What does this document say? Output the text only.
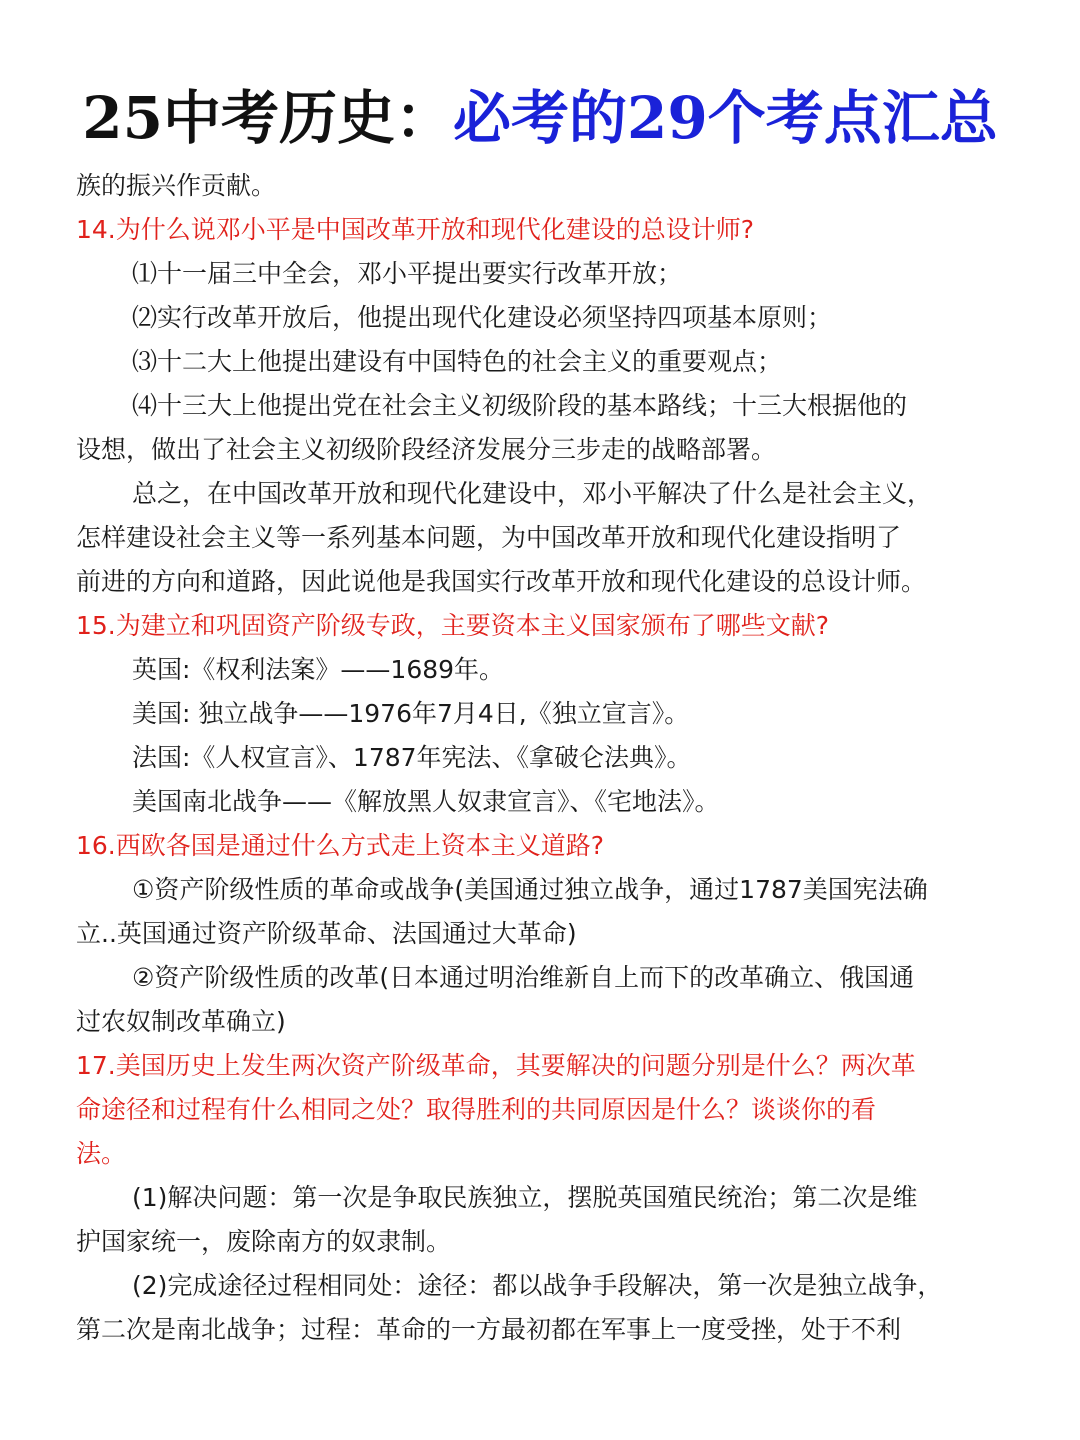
25中考历史：必考的29个考点汇总

族的振兴作贡献。

14.为什么说邓小平是中国改革开放和现代化建设的总设计师?

⑴十一届三中全会，邓小平提出要实行改革开放；

⑵实行改革开放后，他提出现代化建设必须坚持四项基本原则；

⑶十二大上他提出建设有中国特色的社会主义的重要观点；

⑷十三大上他提出党在社会主义初级阶段的基本路线；十三大根据他的

设想，做出了社会主义初级阶段经济发展分三步走的战略部署。

总之，在中国改革开放和现代化建设中，邓小平解决了什么是社会主义，

怎样建设社会主义等一系列基本问题，为中国改革开放和现代化建设指明了

前进的方向和道路，因此说他是我国实行改革开放和现代化建设的总设计师。

15.为建立和巩固资产阶级专政，主要资本主义国家颁布了哪些文献?

英国:《权利法案》——1689年。

美国: 独立战争——1976年7月4日,《独立宣言》。

法国:《人权宣言》、1787年宪法、《拿破仑法典》。

美国南北战争——《解放黑人奴隶宣言》、《宅地法》。

16.西欧各国是通过什么方式走上资本主义道路?

①资产阶级性质的革命或战争(美国通过独立战争，通过1787美国宪法确

立..英国通过资产阶级革命、法国通过大革命)

②资产阶级性质的改革(日本通过明治维新自上而下的改革确立、俄国通

过农奴制改革确立)

17.美国历史上发生两次资产阶级革命，其要解决的问题分别是什么？两次革

命途径和过程有什么相同之处？取得胜利的共同原因是什么？谈谈你的看

法。

(1)解决问题：第一次是争取民族独立，摆脱英国殖民统治；第二次是维

护国家统一，废除南方的奴隶制。

(2)完成途径过程相同处：途径：都以战争手段解决，第一次是独立战争，

第二次是南北战争；过程：革命的一方最初都在军事上一度受挫，处于不利
